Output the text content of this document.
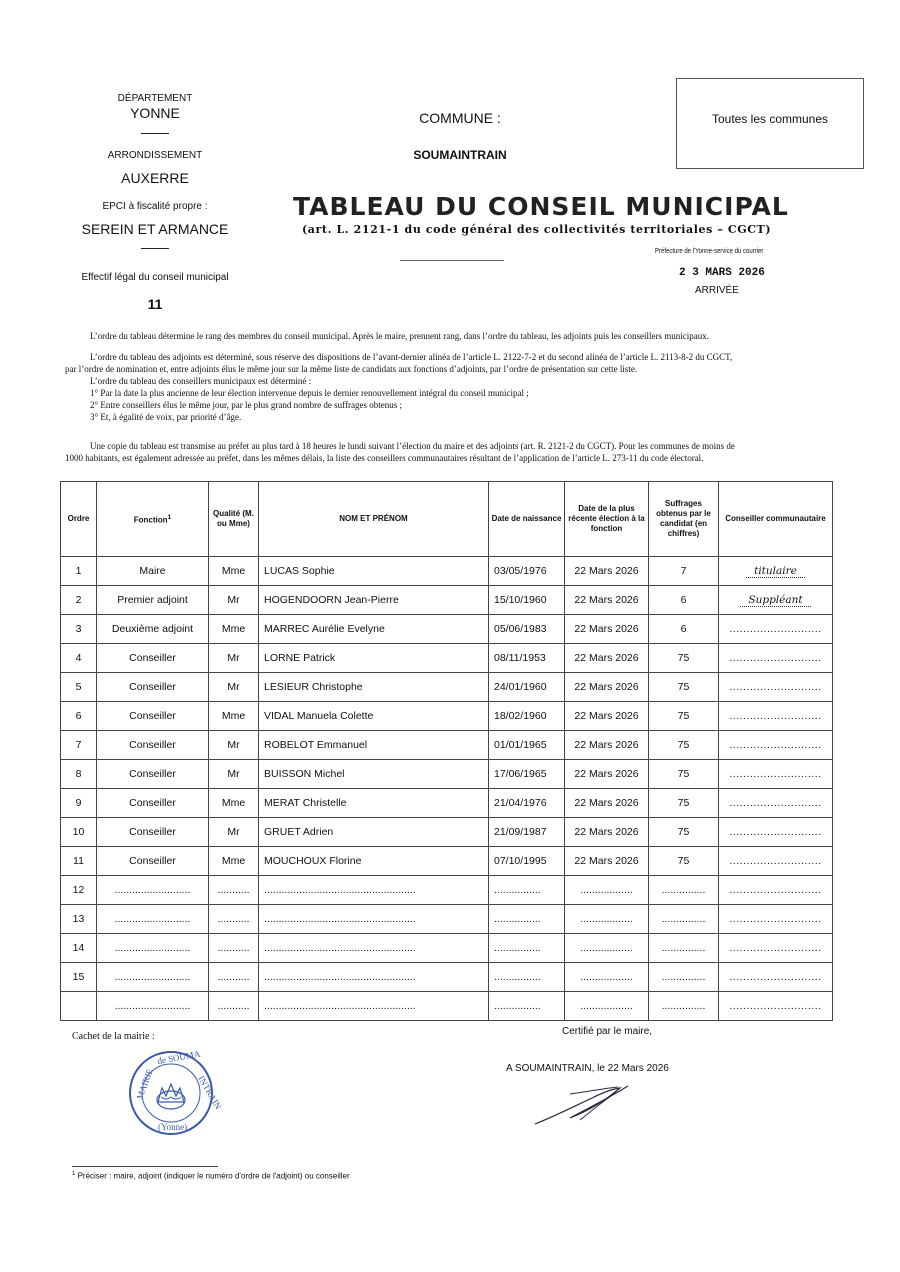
DÉPARTEMENT
YONNE
ARRONDISSEMENT
AUXERRE
EPCI à fiscalité propre :
SEREIN ET ARMANCE
Effectif légal du conseil municipal
11
COMMUNE :
SOUMAINTRAIN
Toutes les communes
TABLEAU DU CONSEIL MUNICIPAL
(art. L. 2121-1 du code général des collectivités territoriales – CGCT)
Préfecture de l'Yonne-service du courrier
2 3 MARS 2026
ARRIVÉE
L’ordre du tableau détermine le rang des membres du conseil municipal. Après le maire, prennent rang, dans l’ordre du tableau, les adjoints puis les conseillers municipaux.
L’ordre du tableau des adjoints est déterminé, sous réserve des dispositions de l’avant-dernier alinéa de l’article L. 2122-7-2 et du second alinéa de l’article L. 2113-8-2 du CGCT,
par l’ordre de nomination et, entre adjoints élus le même jour sur la même liste de candidats aux fonctions d’adjoints, par l’ordre de présentation sur cette liste.
L’ordre du tableau des conseillers municipaux est déterminé :
1° Par la date la plus ancienne de leur élection intervenue depuis le dernier renouvellement intégral du conseil municipal ;
2° Entre conseillers élus le même jour, par le plus grand nombre de suffrages obtenus ;
3° Et, à égalité de voix, par priorité d’âge.
Une copie du tableau est transmise au préfet au plus tard à 18 heures le lundi suivant l’élection du maire et des adjoints (art. R. 2121-2 du CGCT). Pour les communes de moins de
1000 habitants, est également adressée au préfet, dans les mêmes délais, la liste des conseillers communautaires résultant de l’application de l’article L. 273-11 du code électoral.
Ordre	Fonction$^1$	Qualité (M. ou Mme)	NOM ET PRÉNOM	Date de naissance	Date de la plus récente élection à la fonction	Suffrages obtenus par le candidat (en chiffres)	Conseiller communautaire
1	Maire	Mme	LUCAS Sophie	03/05/1976	22 Mars 2026	7	titulaire
2	Premier adjoint	Mr	HOGENDOORN Jean-Pierre	15/10/1960	22 Mars 2026	6	Suppléant
3	Deuxième adjoint	Mme	MARREC Aurélie Evelyne	05/06/1983	22 Mars 2026	6	...........................
4	Conseiller	Mr	LORNE Patrick	08/11/1953	22 Mars 2026	75	...........................
5	Conseiller	Mr	LESIEUR Christophe	24/01/1960	22 Mars 2026	75	...........................
6	Conseiller	Mme	VIDAL Manuela Colette	18/02/1960	22 Mars 2026	75	...........................
7	Conseiller	Mr	ROBELOT Emmanuel	01/01/1965	22 Mars 2026	75	...........................
8	Conseiller	Mr	BUISSON Michel	17/06/1965	22 Mars 2026	75	...........................
9	Conseiller	Mme	MERAT Christelle	21/04/1976	22 Mars 2026	75	...........................
10	Conseiller	Mr	GRUET Adrien	21/09/1987	22 Mars 2026	75	...........................
11	Conseiller	Mme	MOUCHOUX Florine	07/10/1995	22 Mars 2026	75	...........................
12	..........................	...........	....................................................	................	..................	...............	...........................
13	..........................	...........	....................................................	................	..................	...............	...........................
14	..........................	...........	....................................................	................	..................	...............	...........................
15	..........................	...........	....................................................	................	..................	...............	...........................
	..........................	...........	....................................................	................	..................	...............	...........................
Cachet de la mairie :	Certifié par le maire,
A SOUMAINTRAIN, le 22 Mars 2026
MAIRIE
de SOUMA
INTRAIN
(Yonne)
$^1$ Préciser : maire, adjoint (indiquer le numéro d'ordre de l'adjoint) ou conseiller
